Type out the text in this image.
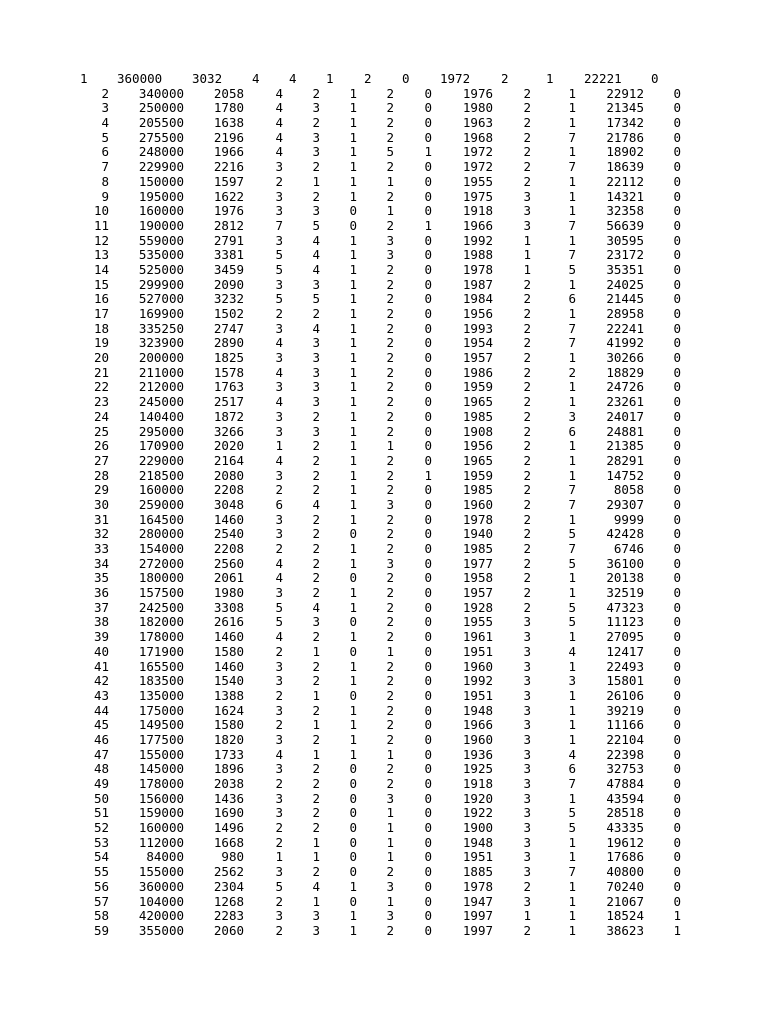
1 360000 3032 4 4 1 2 0 1972 2	1 22221 0
2 340000 2058	4 2 1 2 0 1976 2	1 22912 0
3 250000 1780	4 3 1 2 0 1980 2	1 21345 0
4 205500 1638	4 2 1 2 0 1963 2	1 17342 0
5 275500 2196	4 3 1 2 0 1968 2	7 21786 0
6 248000 1966	4 3 1 5 1 1972 2	1 18902 0
7 229900 2216	3 2 1 2 0 1972 2	7 18639 0
8 150000 1597	2 1 1 1 0 1955 2	1 22112 0
9 195000 1622	3 2 1 2 0 1975 3	1 14321 0
10 160000 1976	3 3 0 1 0 1918 3	1 32358 0
11 190000 2812	7 5 0 2 1 1966 3	7 56639 0
12 559000 2791	3 4 1 3 0 1992 1	1 30595 0
13 535000 3381	5 4 1 3 0 1988 1	7 23172 0
14 525000 3459	5 4 1 2 0 1978 1	5 35351 0
15 299900 2090	3 3 1 2 0 1987 2	1 24025 0
16 527000 3232	5 5 1 2 0 1984 2	6 21445 0
17 169900 1502	2 2 1 2 0 1956 2	1 28958 0
18 335250 2747	3 4 1 2 0 1993 2	7 22241 0
19 323900 2890	4 3 1 2 0 1954 2	7 41992 0
20 200000 1825	3 3 1 2 0 1957 2	1 30266 0
21 211000 1578	4 3 1 2 0 1986 2	2 18829 0
22 212000 1763	3 3 1 2 0 1959 2	1 24726 0
23 245000 2517	4 3 1 2 0 1965 2	1 23261 0
24 140400 1872	3 2 1 2 0 1985 2	3 24017 0
25 295000 3266	3 3 1 2 0 1908 2	6 24881 0
26 170900 2020	1 2 1 1 0 1956 2	1 21385 0
27 229000 2164	4 2 1 2 0 1965 2	1 28291 0
28 218500 2080	3 2 1 2 1 1959 2	1 14752 0
29 160000 2208	2 2 1 2 0 1985 2	7	8058 0
30 259000 3048	6 4 1 3 0 1960 2	7 29307 0
31 164500 1460	3 2 1 2 0 1978 2	1	9999 0
32 280000 2540	3 2 0 2 0 1940 2	5 42428 0
33 154000 2208	2 2 1 2 0 1985 2	7	6746 0
34 272000 2560	4 2 1 3 0 1977 2	5 36100 0
35 180000 2061	4 2 0 2 0 1958 2	1 20138 0
36 157500 1980	3 2 1 2 0 1957 2	1 32519 0
37 242500 3308	5 4 1 2 0 1928 2	5 47323 0
38 182000 2616	5 3 0 2 0 1955 3	5 11123 0
39 178000 1460	4 2 1 2 0 1961 3	1 27095 0
40 171900 1580	2 1 0 1 0 1951 3	4 12417 0
41 165500 1460	3 2 1 2 0 1960 3	1 22493 0
42 183500 1540	3 2 1 2 0 1992 3	3 15801 0
43 135000 1388	2 1 0 2 0 1951 3	1 26106 0
44 175000 1624	3 2 1 2 0 1948 3	1 39219 0
45 149500 1580	2 1 1 2 0 1966 3	1 11166 0
46 177500 1820	3 2 1 2 0 1960 3	1 22104 0
47 155000 1733	4 1 1 1 0 1936 3	4 22398 0
48 145000 1896	3 2 0 2 0 1925 3	6 32753 0
49 178000 2038	2 2 0 2 0 1918 3	7 47884 0
50 156000 1436	3 2 0 3 0 1920 3	1 43594 0
51 159000 1690	3 2 0 1 0 1922 3	5 28518 0
52 160000 1496	2 2 0 1 0 1900 3	5 43335 0
53 112000 1668	2 1 0 1 0 1948 3	1 19612 0
54	84000	980	1 1 0 1 0 1951 3	1 17686 0
55 155000 2562	3 2 0 2 0 1885 3	7 40800 0
56 360000 2304	5 4 1 3 0 1978 2	1 70240 0
57 104000 1268	2 1 0 1 0 1947 3	1 21067 0
58 420000 2283	3 3 1 3 0 1997 1	1 18524 1
59 355000 2060	2 3 1 2 0 1997 2	1 38623 1
